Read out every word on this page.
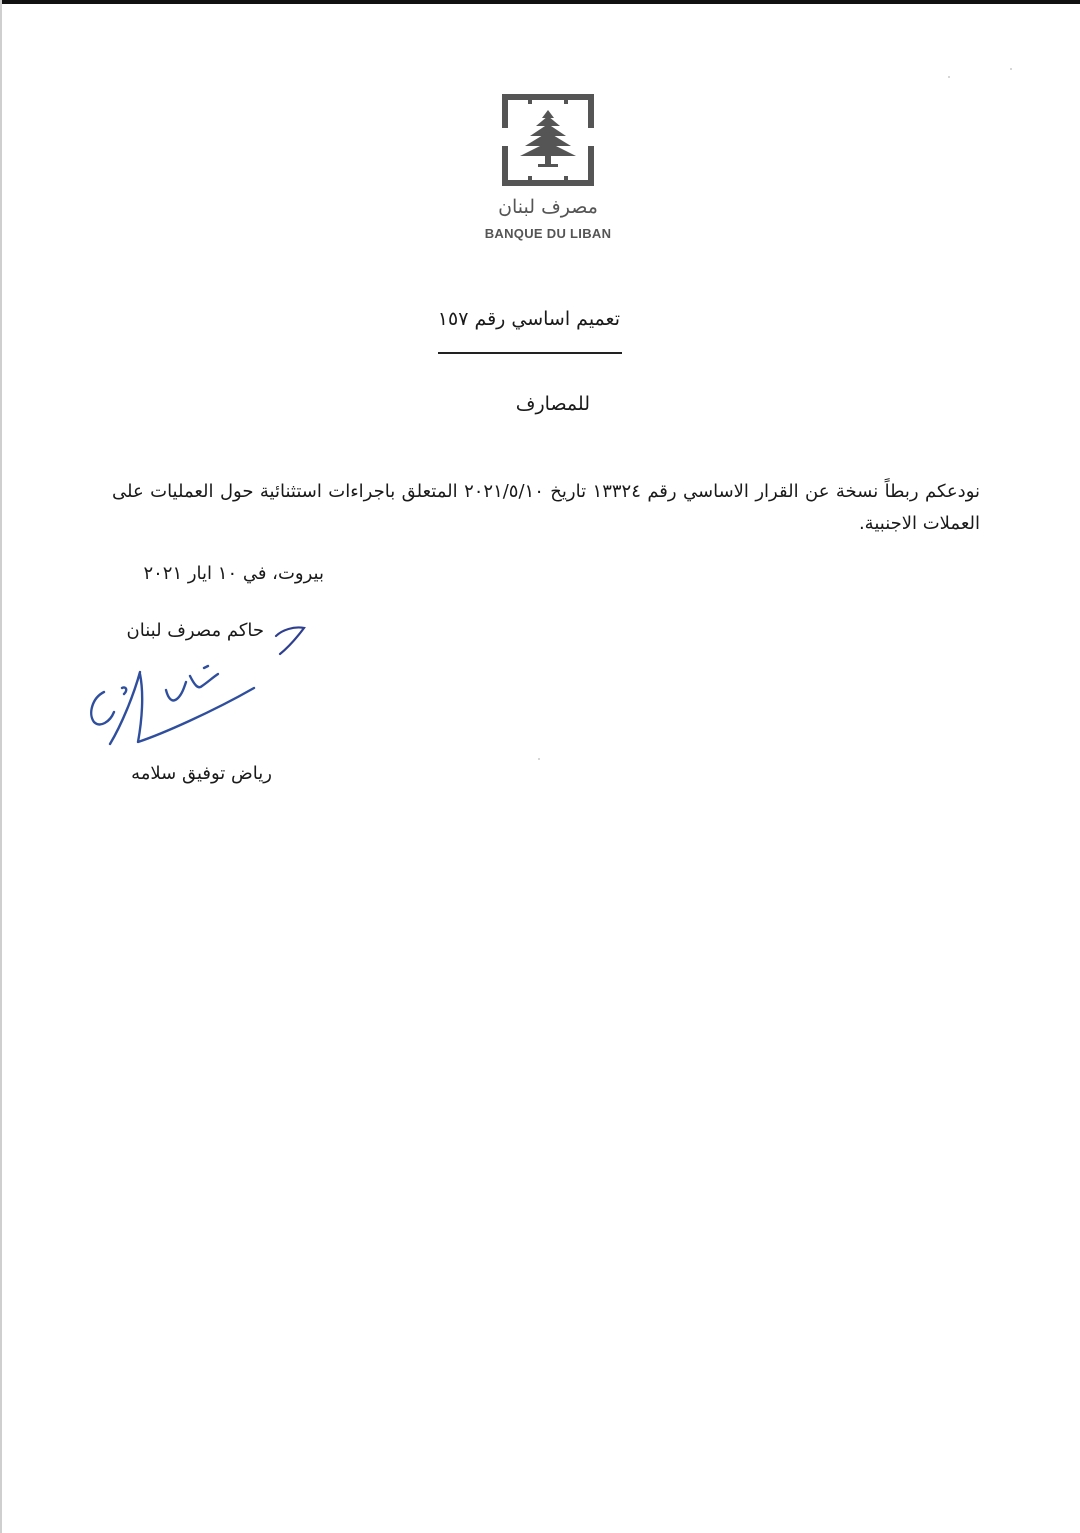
مصرف لبنان
BANQUE DU LIBAN
تعميم اساسي رقم ١٥٧
للمصارف
نودعكم ربطاً نسخة عن القرار الاساسي رقم ١٣٣٢٤ تاريخ ٢٠٢١/٥/١٠ المتعلق باجراءات استثنائية حول العمليات على العملات الاجنبية.
بيروت، في ١٠ ايار ٢٠٢١
حاكم مصرف لبنان
رياض توفيق سلامه
